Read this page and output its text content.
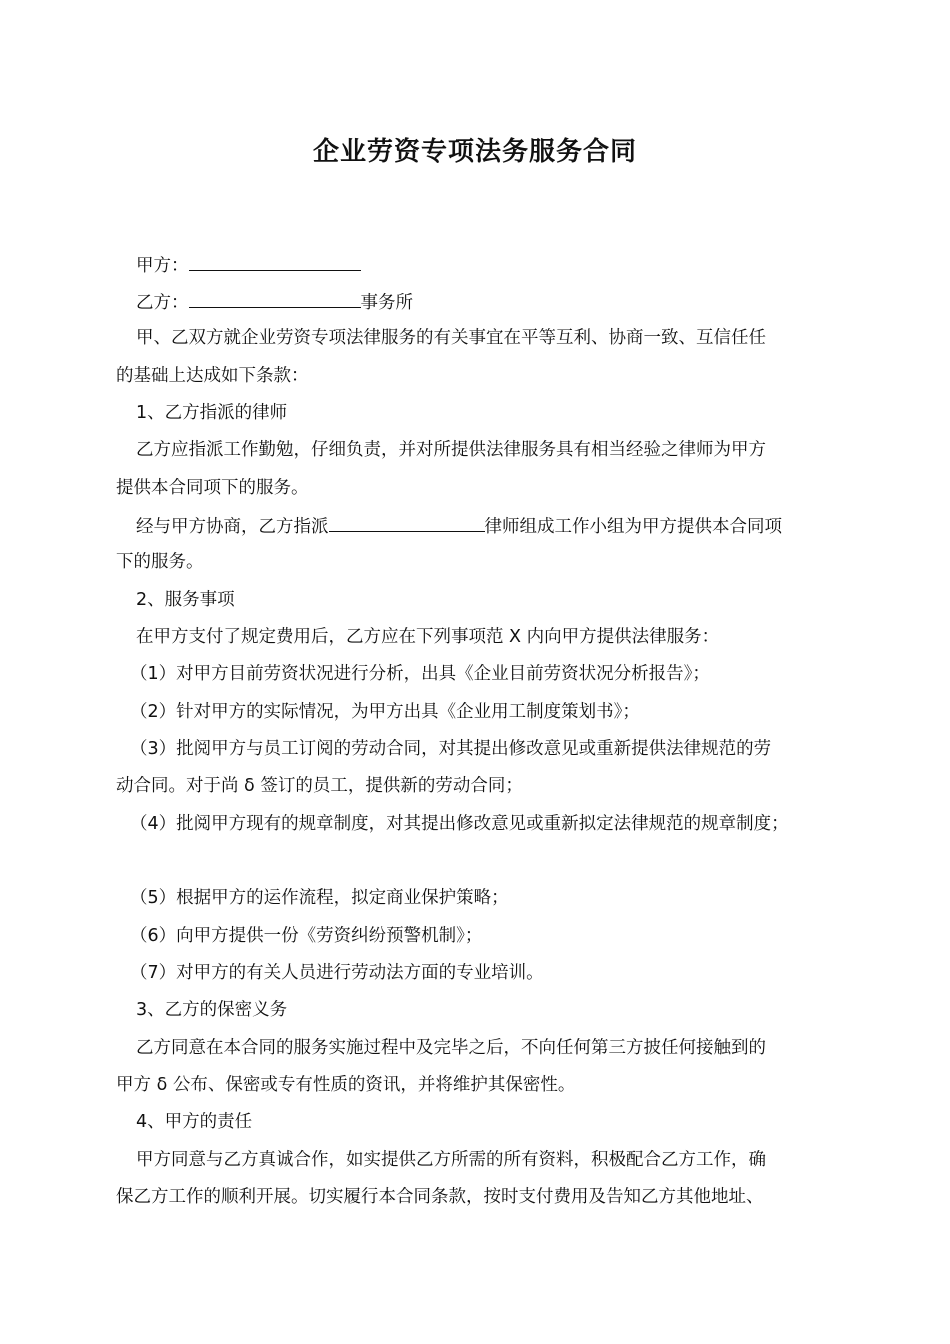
企业劳资专项法务服务合同
甲方：
乙方：	事务所
甲、乙双方就企业劳资专项法律服务的有关事宜在平等互利、协商一致、互信任任
的基础上达成如下条款：
1、乙方指派的律师
乙方应指派工作勤勉，仔细负责，并对所提供法律服务具有相当经验之律师为甲方
提供本合同项下的服务。
经与甲方协商，乙方指派	律师组成工作小组为甲方提供本合同项
下的服务。
2、服务事项
在甲方支付了规定费用后，乙方应在下列事项范 X 内向甲方提供法律服务：
（1）对甲方目前劳资状况进行分析，出具《企业目前劳资状况分析报告》；
（2）针对甲方的实际情况，为甲方出具《企业用工制度策划书》；
（3）批阅甲方与员工订阅的劳动合同，对其提出修改意见或重新提供法律规范的劳
动合同。对于尚 δ 签订的员工，提供新的劳动合同；
（4）批阅甲方现有的规章制度，对其提出修改意见或重新拟定法律规范的规章制度；
（5）根据甲方的运作流程，拟定商业保护策略；
（6）向甲方提供一份《劳资纠纷预警机制》；
（7）对甲方的有关人员进行劳动法方面的专业培训。
3、乙方的保密义务
乙方同意在本合同的服务实施过程中及完毕之后，不向任何第三方披任何接触到的
甲方 δ 公布、保密或专有性质的资讯，并将维护其保密性。
4、甲方的责任
甲方同意与乙方真诚合作，如实提供乙方所需的所有资料，积极配合乙方工作，确
保乙方工作的顺利开展。切实履行本合同条款，按时支付费用及告知乙方其他地址、
